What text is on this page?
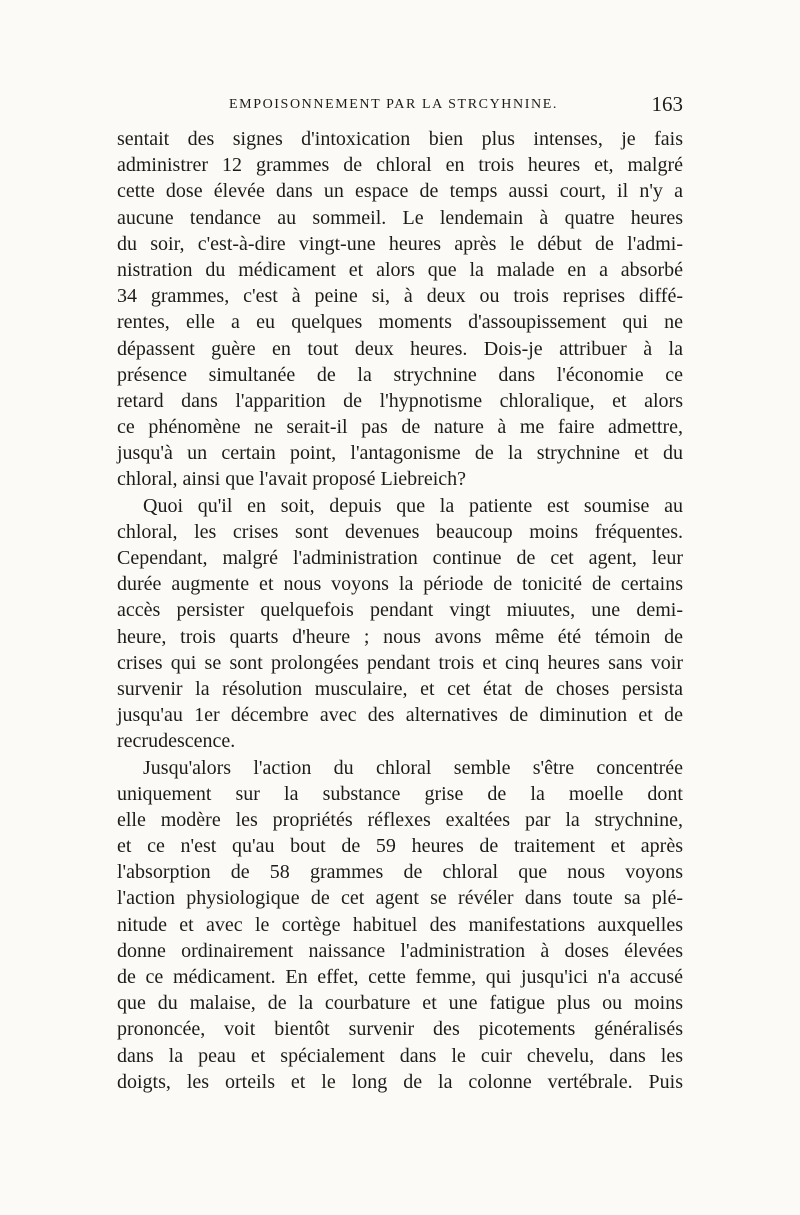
EMPOISONNEMENT PAR LA STRCYHNINE.	163
sentait des signes d'intoxication bien plus intenses, je fais
administrer 12 grammes de chloral en trois heures et, malgré
cette dose élevée dans un espace de temps aussi court, il n'y a
aucune tendance au sommeil. Le lendemain à quatre heures
du soir, c'est-à-dire vingt-une heures après le début de l'admi-
nistration du médicament et alors que la malade en a absorbé
34 grammes, c'est à peine si, à deux ou trois reprises diffé-
rentes, elle a eu quelques moments d'assoupissement qui ne
dépassent guère en tout deux heures. Dois-je attribuer à la
présence simultanée de la strychnine dans l'économie ce
retard dans l'apparition de l'hypnotisme chloralique, et alors
ce phénomène ne serait-il pas de nature à me faire admettre,
jusqu'à un certain point, l'antagonisme de la strychnine et du
chloral, ainsi que l'avait proposé Liebreich?
Quoi qu'il en soit, depuis que la patiente est soumise au
chloral, les crises sont devenues beaucoup moins fréquentes.
Cependant, malgré l'administration continue de cet agent, leur
durée augmente et nous voyons la période de tonicité de certains
accès persister quelquefois pendant vingt miuutes, une demi-
heure, trois quarts d'heure ; nous avons même été témoin de
crises qui se sont prolongées pendant trois et cinq heures sans voir
survenir la résolution musculaire, et cet état de choses persista
jusqu'au 1er décembre avec des alternatives de diminution et de
recrudescence.
Jusqu'alors l'action du chloral semble s'être concentrée
uniquement sur la substance grise de la moelle dont
elle modère les propriétés réflexes exaltées par la strychnine,
et ce n'est qu'au bout de 59 heures de traitement et après
l'absorption de 58 grammes de chloral que nous voyons
l'action physiologique de cet agent se révéler dans toute sa plé-
nitude et avec le cortège habituel des manifestations auxquelles
donne ordinairement naissance l'administration à doses élevées
de ce médicament. En effet, cette femme, qui jusqu'ici n'a accusé
que du malaise, de la courbature et une fatigue plus ou moins
prononcée, voit bientôt survenir des picotements généralisés
dans la peau et spécialement dans le cuir chevelu, dans les
doigts, les orteils et le long de la colonne vertébrale. Puis
